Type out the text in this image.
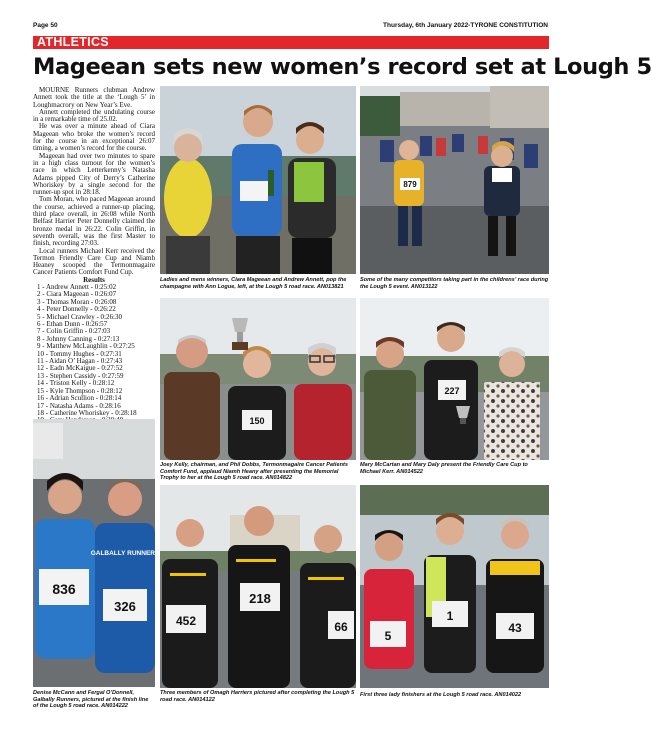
Page 50	Thursday, 6th January 2022-TYRONE CONSTITUTION
ATHLETICS
Mageean sets new women’s record set at Lough 5

MOURNE Runners clubman Andrew Annett took the title at the ‘Lough 5’ in Loughmacrory on New Year’s Eve.

Annett completed the undulating course in a remarkable time of 25.02.

He was over a minute ahead of Ciara Mageean who broke the women’s record for the course in an exceptional 26:07 timing, a women’s record for the course.

Mageean had over two minutes to spare in a high class turnout for the women’s race in which Letterkenny’s Natasha Adams pipped City of Derry’s Catherine Whoriskey by a single second for the runner-up spot in 28:18.

Tom Moran, who paced Mageean around the course, achieved a runner-up placing, third place overall, in 26:08 while North Belfast Harrier Peter Donnelly claimed the bronze medal in 26:22. Colin Griffin, in seventh overall, was the first Master to finish, recording 27:03.

Local runners Michael Kerr received the Termon Friendly Care Cup and Niamh Heaney scooped the Termonmagaire Cancer Patients Comfort Fund Cup.

Results

1 - Andrew Annett - 0:25:02
2 - Ciara Mageean - 0:26:07
3 - Thomas Moran - 0:26:08
4 - Peter Donnelly - 0:26:22
5 - Michael Crawley - 0:26:30
6 - Ethan Dunn - 0:26:57
7 - Colin Griffin - 0:27:03
8 - Johnny Canning - 0:27:13
9 - Matthew McLaughlin - 0:27:25
10 - Tommy Hughes - 0:27:31
11 - Aidan O’ Hagan - 0:27:43
12 - Eadn McKaigue - 0:27:52
13 - Stephen Cassidy - 0:27:59
14 - Triston Kelly - 0:28:12
15 - Kyle Thompson - 0:28:12
16 - Adrian Scullion - 0:28:14
17 - Natasha Adams - 0:28:16
18 - Catherine Whoriskey - 0:28:18
879
Ladies and mens winners, Ciara Mageean and Andrew Annett, pop the champagne with Ann Logue, left, at the Lough 5 road race. AN013821
Some of the many competitors taking part in the childrens’ race during the Lough 5 event. AN013122
150
227
Joey Kelly, chairman, and Phil Dobbs, Termonmagaire Cancer Patients Comfort Fund, applaud Niamh Heany after presenting the Memorial Trophy to her at the Lough 5 road race. AN014822
Mary McCartan and Mary Daly present the Friendly Care Cup to Michael Kerr. AN014522
836
GALBALLY RUNNERS
326
452
218
66
5
1
43
Denise McCann and Fergal O’Donnell, Galbally Runners, pictured at the finish line of the Lough 5 road race. AN014222
Three members of Omagh Harriers pictured after completing the Lough 5 road race. AN014122
First three lady finishers at the Lough 5 road race. AN014022
